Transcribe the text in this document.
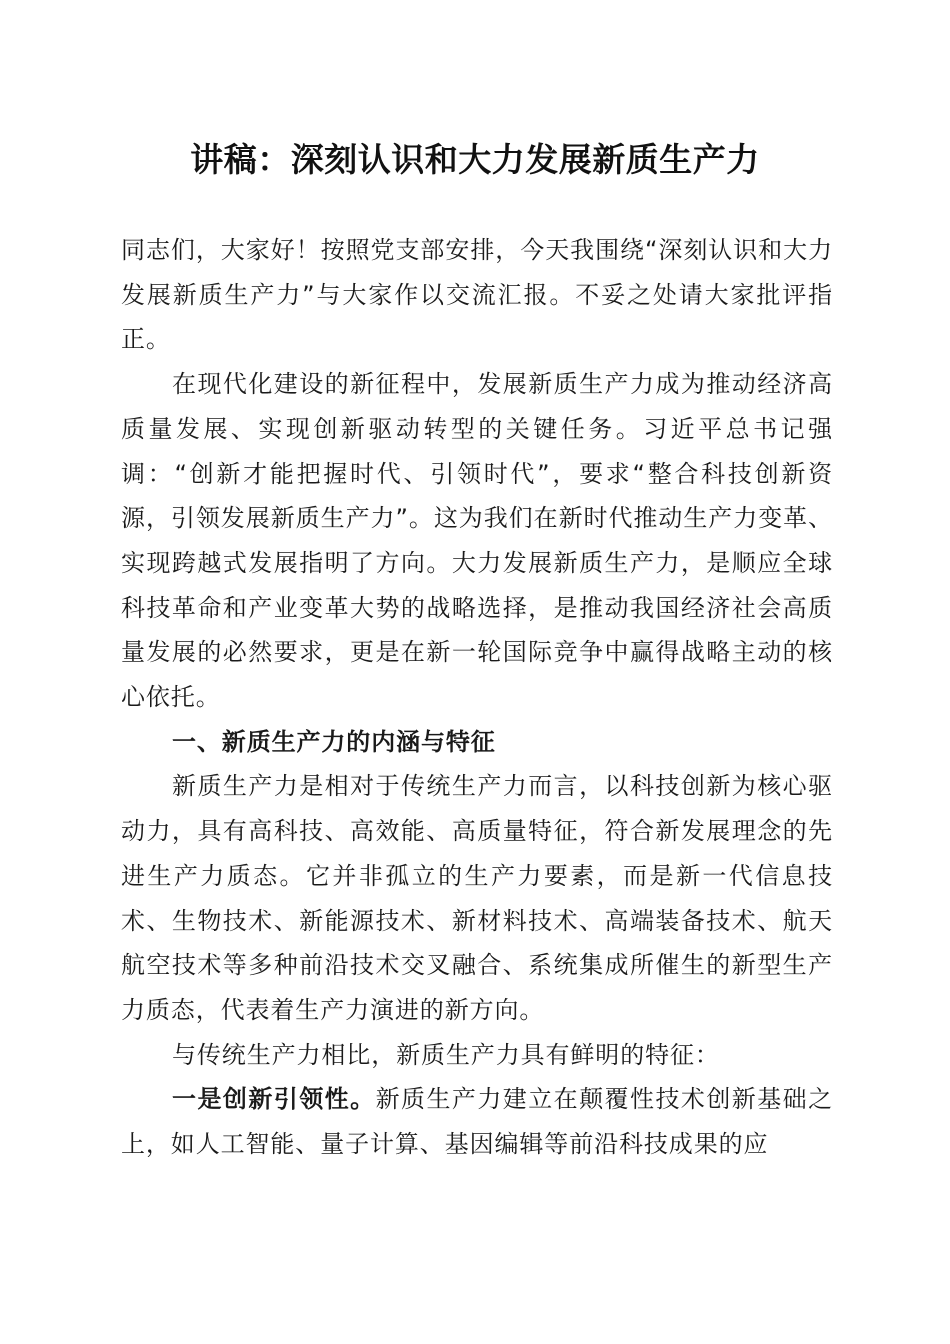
讲稿：深刻认识和大力发展新质生产力

同志们，大家好！按照党支部安排，今天我围绕“深刻认识和大力发展新质生产力”与大家作以交流汇报。不妥之处请大家批评指正。

在现代化建设的新征程中，发展新质生产力成为推动经济高质量发展、实现创新驱动转型的关键任务。习近平总书记强调：“创新才能把握时代、引领时代”，要求“整合科技创新资源，引领发展新质生产力”。这为我们在新时代推动生产力变革、实现跨越式发展指明了方向。大力发展新质生产力，是顺应全球科技革命和产业变革大势的战略选择，是推动我国经济社会高质量发展的必然要求，更是在新一轮国际竞争中赢得战略主动的核心依托。

一、新质生产力的内涵与特征

新质生产力是相对于传统生产力而言，以科技创新为核心驱动力，具有高科技、高效能、高质量特征，符合新发展理念的先进生产力质态。它并非孤立的生产力要素，而是新一代信息技术、生物技术、新能源技术、新材料技术、高端装备技术、航天航空技术等多种前沿技术交叉融合、系统集成所催生的新型生产力质态，代表着生产力演进的新方向。

与传统生产力相比，新质生产力具有鲜明的特征：

一是创新引领性。新质生产力建立在颠覆性技术创新基础之上，如人工智能、量子计算、基因编辑等前沿科技成果的应
